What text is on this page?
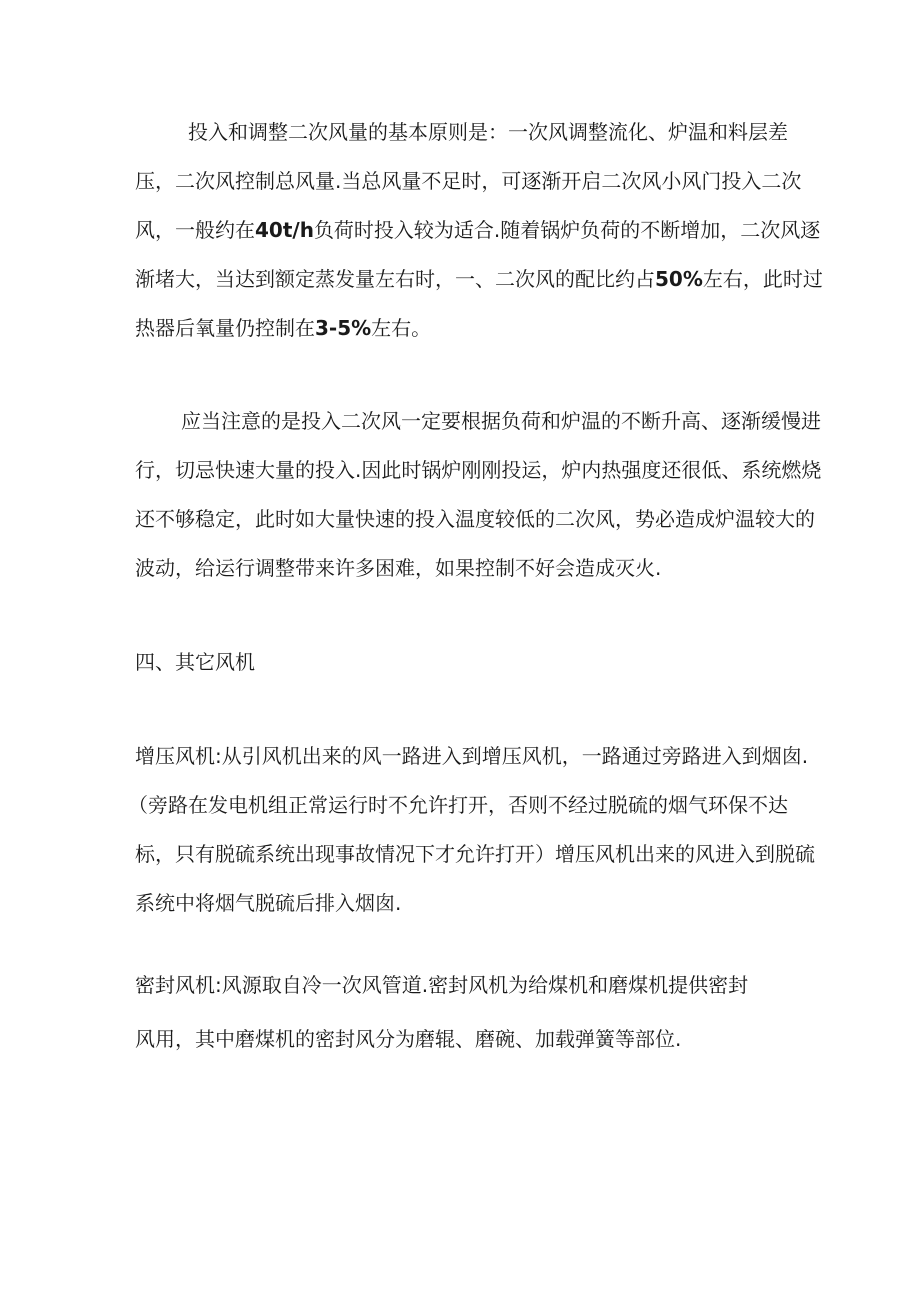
投入和调整二次风量的基本原则是：一次风调整流化、炉温和料层差
压，二次风控制总风量.当总风量不足时，可逐渐开启二次风小风门投入二次
风，一般约在40t/h负荷时投入较为适合.随着锅炉负荷的不断增加，二次风逐
渐堵大，当达到额定蒸发量左右时，一、二次风的配比约占50%左右，此时过
热器后氧量仍控制在3-5%左右。
应当注意的是投入二次风一定要根据负荷和炉温的不断升高、逐渐缓慢进
行，切忌快速大量的投入.因此时锅炉刚刚投运，炉内热强度还很低、系统燃烧
还不够稳定，此时如大量快速的投入温度较低的二次风，势必造成炉温较大的
波动，给运行调整带来许多困难，如果控制不好会造成灭火.
四、其它风机
增压风机:从引风机出来的风一路进入到增压风机，一路通过旁路进入到烟囱.
（旁路在发电机组正常运行时不允许打开，否则不经过脱硫的烟气环保不达
标，只有脱硫系统出现事故情况下才允许打开）增压风机出来的风进入到脱硫
系统中将烟气脱硫后排入烟囱.
密封风机:风源取自冷一次风管道.密封风机为给煤机和磨煤机提供密封
风用，其中磨煤机的密封风分为磨辊、磨碗、加载弹簧等部位.
